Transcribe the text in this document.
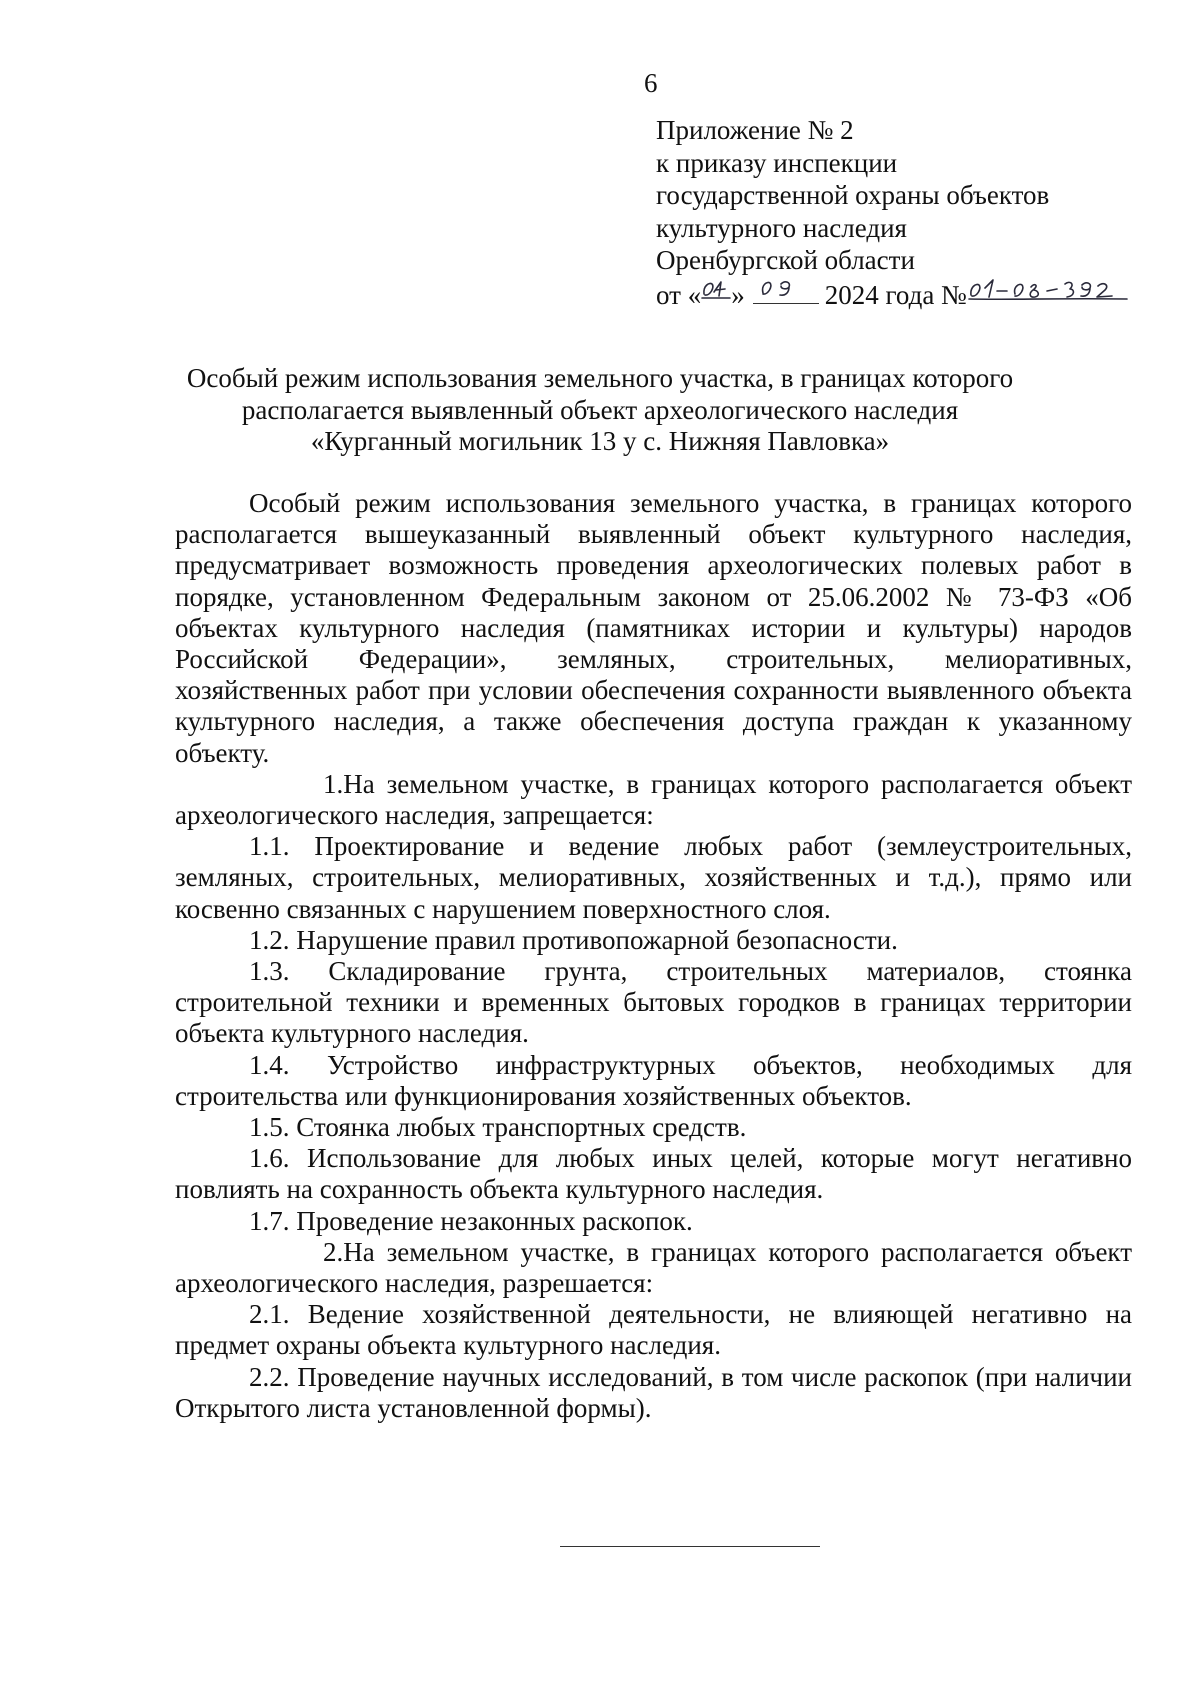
6
Приложение № 2
к приказу инспекции
государственной охраны объектов
культурного наследия
Оренбургской области
от « »	2024 года №
Особый режим использования земельного участка, в границах которого
располагается выявленный объект археологического наследия
«Курганный могильник 13 у с. Нижняя Павловка»

Особый режим использования земельного участка, в границах которого располагается вышеуказанный выявленный объект культурного наследия, предусматривает возможность проведения археологических полевых работ в порядке, установленном Федеральным законом от 25.06.2002 № 73-ФЗ «Об объектах культурного наследия (памятниках истории и культуры) народов Российской Федерации», земляных, строительных, мелиоративных, хозяйственных работ при условии обеспечения сохранности выявленного объекта культурного наследия, а также обеспечения доступа граждан к указанному объекту.

1.На земельном участке, в границах которого располагается объект археологического наследия, запрещается:

1.1. Проектирование и ведение любых работ (землеустроительных, земляных, строительных, мелиоративных, хозяйственных и т.д.), прямо или косвенно связанных с нарушением поверхностного слоя.

1.2. Нарушение правил противопожарной безопасности.

1.3. Складирование грунта, строительных материалов, стоянка строительной техники и временных бытовых городков в границах территории объекта культурного наследия.

1.4. Устройство инфраструктурных объектов, необходимых для строительства или функционирования хозяйственных объектов.

1.5. Стоянка любых транспортных средств.

1.6. Использование для любых иных целей, которые могут негативно повлиять на сохранность объекта культурного наследия.

1.7. Проведение незаконных раскопок.

2.На земельном участке, в границах которого располагается объект археологического наследия, разрешается:

2.1. Ведение хозяйственной деятельности, не влияющей негативно на предмет охраны объекта культурного наследия.

2.2. Проведение научных исследований, в том числе раскопок (при наличии Открытого листа установленной формы).
